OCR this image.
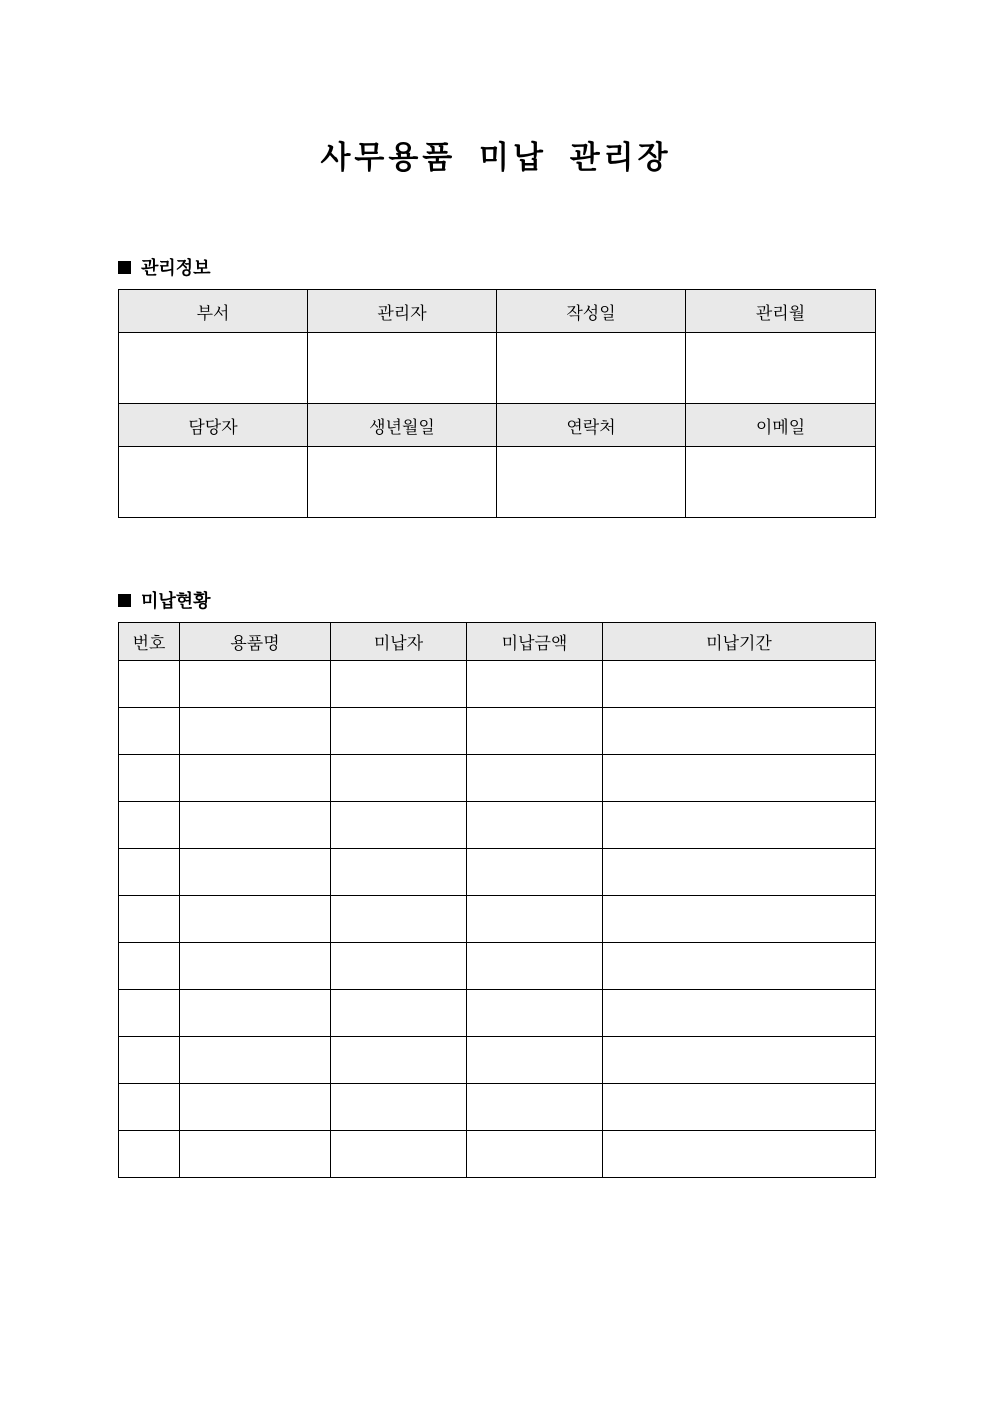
사무용품 미납 관리장
관리정보
부서	관리자	작성일	관리월

담당자	생년월일	연락처	이메일

미납현황
번호	용품명	미납자	미납금액	미납기간
